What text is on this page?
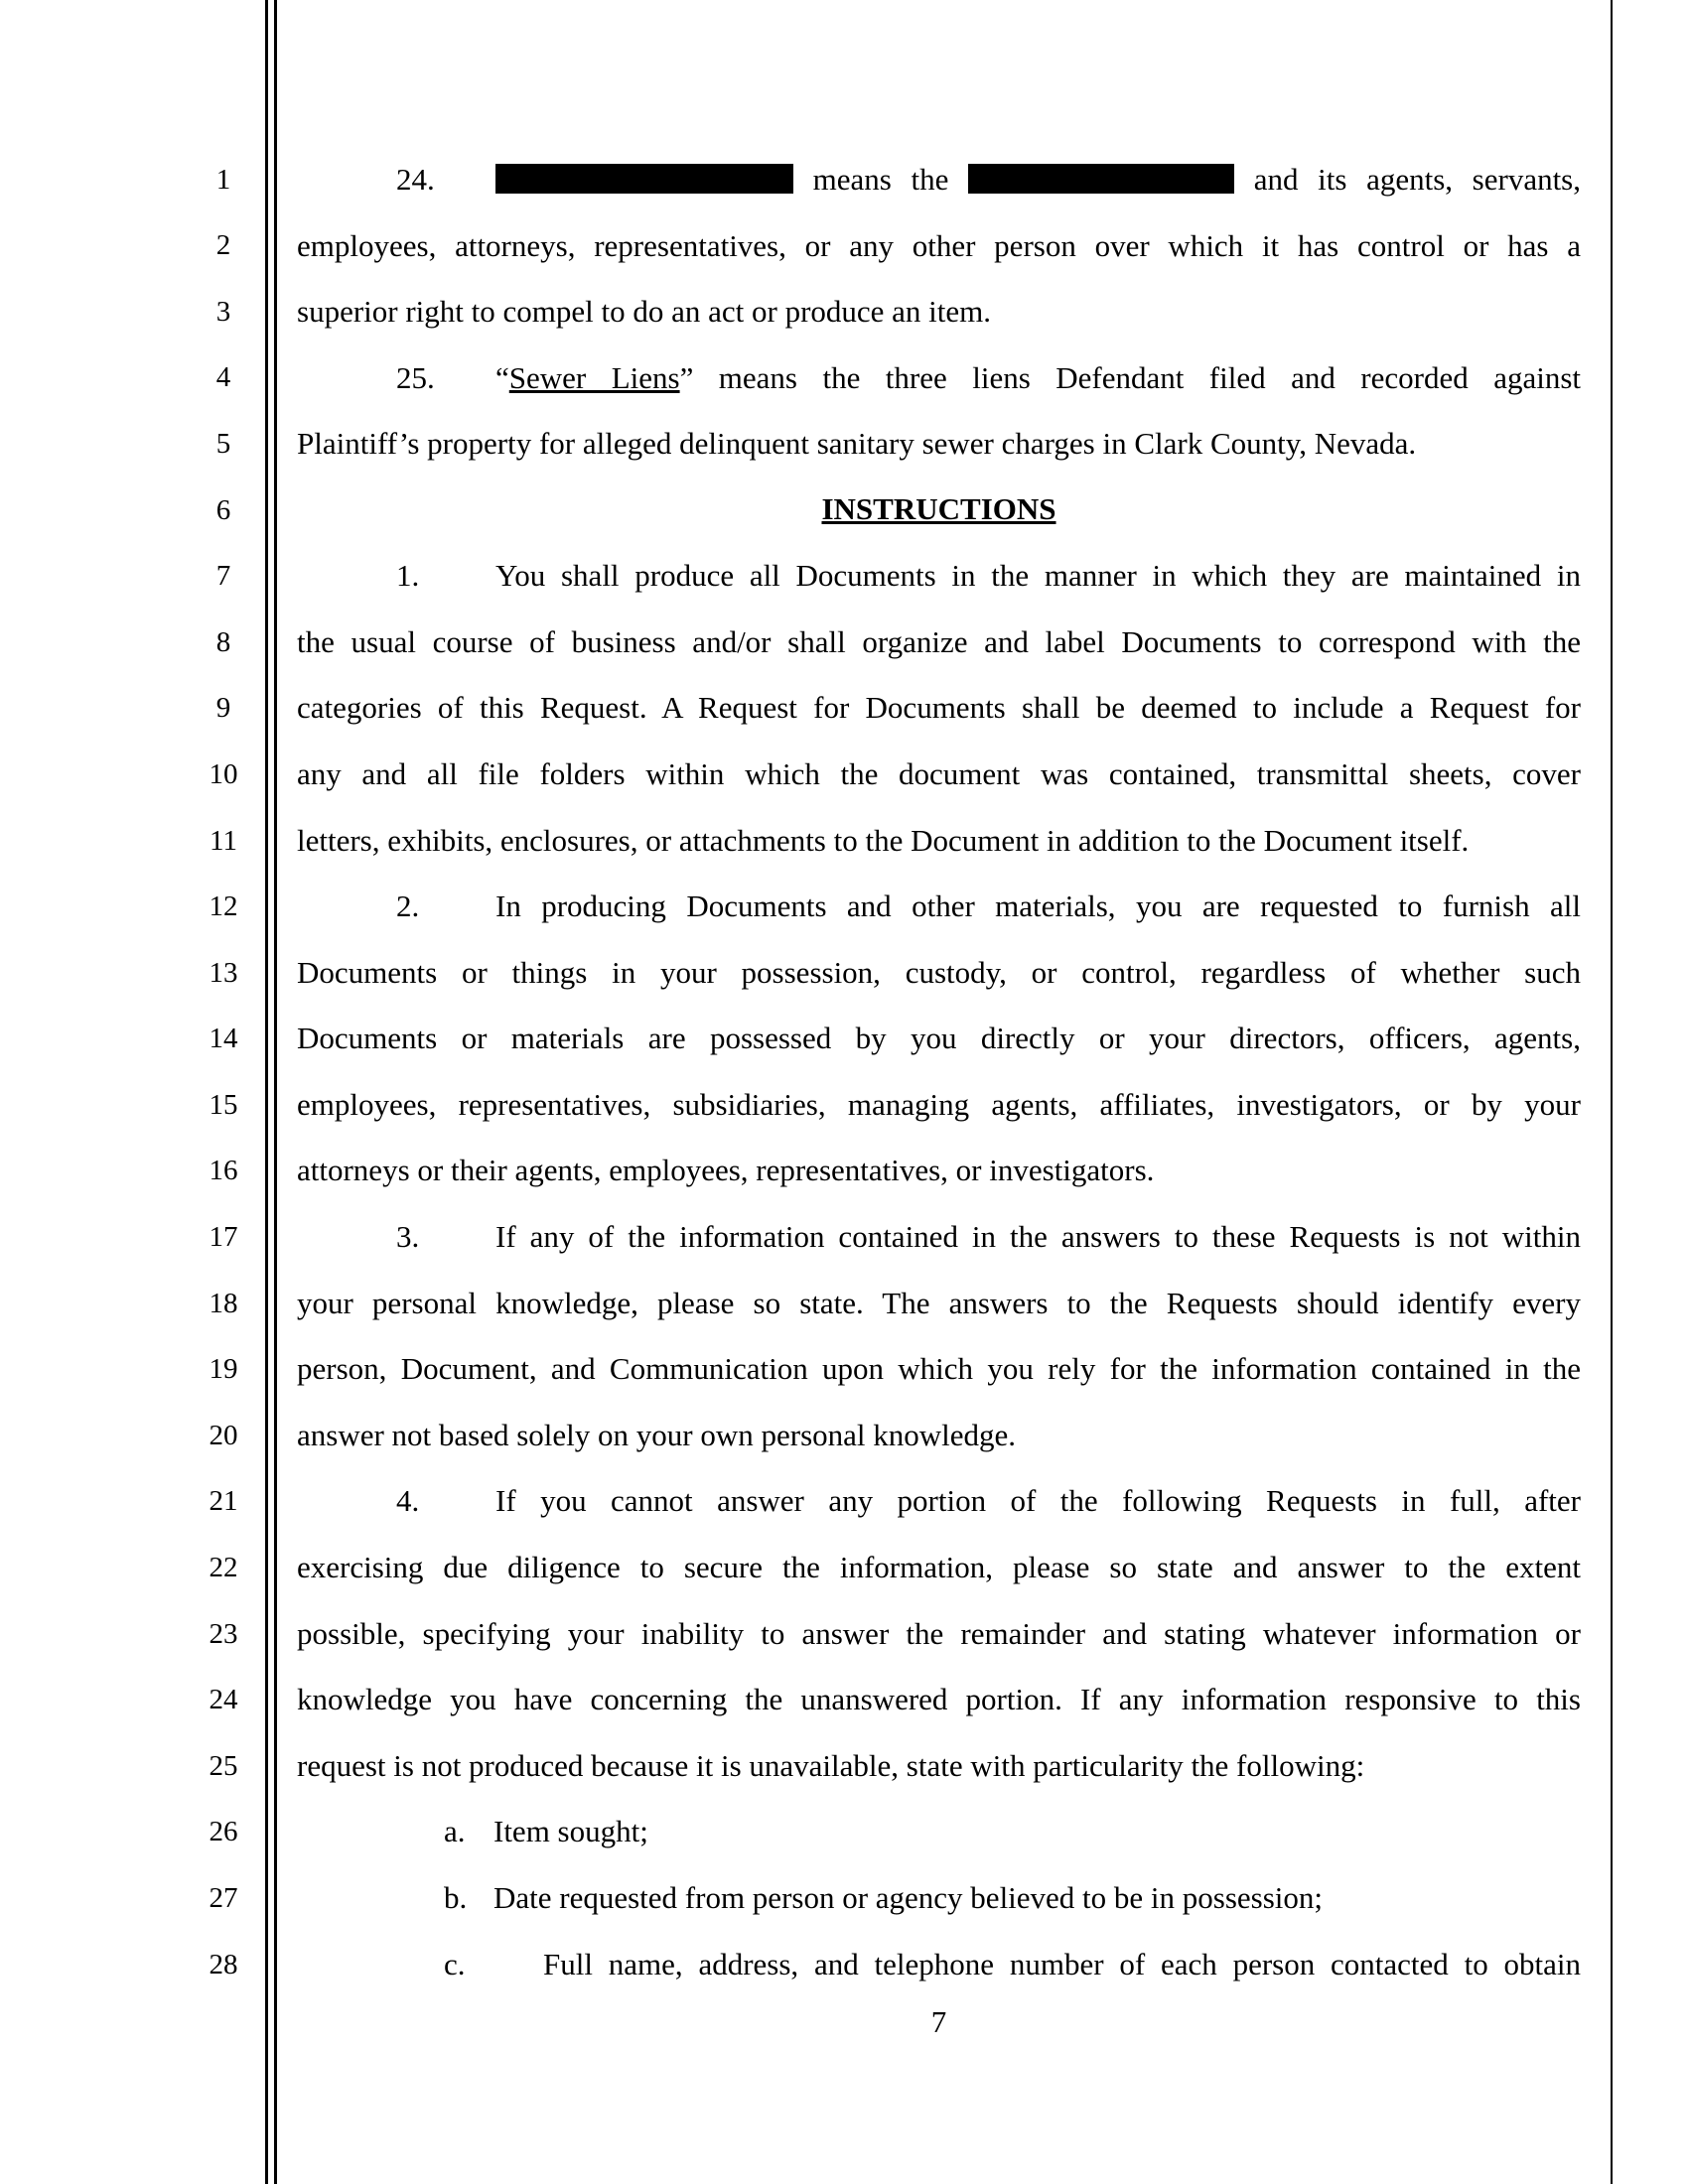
1
2
3
4
5
6
7
8
9
10
11
12
13
14
15
16
17
18
19
20
21
22
23
24
25
26
27
28
24.	means the	and its agents, servants,
employees, attorneys, representatives, or any other person over which it has control or has a
superior right to compel to do an act or produce an item.
25. “Sewer Liens” means the three liens Defendant filed and recorded against
Plaintiff’s property for alleged delinquent sanitary sewer charges in Clark County, Nevada.
INSTRUCTIONS
1. You shall produce all Documents in the manner in which they are maintained in
the usual course of business and/or shall organize and label Documents to correspond with the
categories of this Request. A Request for Documents shall be deemed to include a Request for
any and all file folders within which the document was contained, transmittal sheets, cover
letters, exhibits, enclosures, or attachments to the Document in addition to the Document itself.
2. In producing Documents and other materials, you are requested to furnish all
Documents or things in your possession, custody, or control, regardless of whether such
Documents or materials are possessed by you directly or your directors, officers, agents,
employees, representatives, subsidiaries, managing agents, affiliates, investigators, or by your
attorneys or their agents, employees, representatives, or investigators.
3. If any of the information contained in the answers to these Requests is not within
your personal knowledge, please so state. The answers to the Requests should identify every
person, Document, and Communication upon which you rely for the information contained in the
answer not based solely on your own personal knowledge.
4. If you cannot answer any portion of the following Requests in full, after
exercising due diligence to secure the information, please so state and answer to the extent
possible, specifying your inability to answer the remainder and stating whatever information or
knowledge you have concerning the unanswered portion. If any information responsive to this
request is not produced because it is unavailable, state with particularity the following:
a. Item sought;
b. Date requested from person or agency believed to be in possession;
c.	Full name, address, and telephone number of each person contacted to obtain
7
